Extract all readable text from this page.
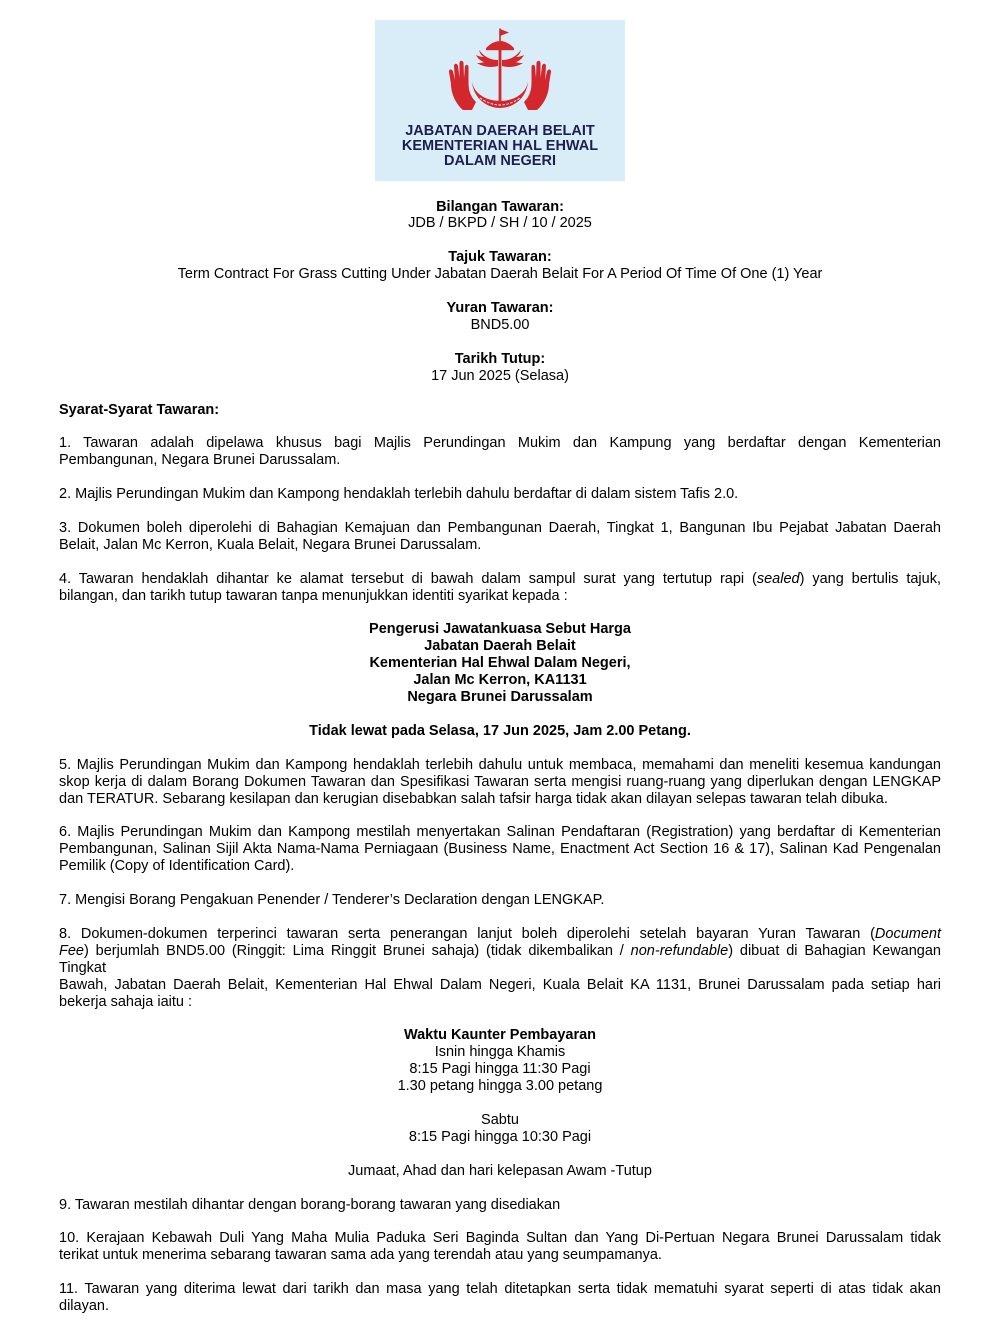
JABATAN DAERAH BELAIT
KEMENTERIAN HAL EHWAL
DALAM NEGERI
Bilangan Tawaran:
JDB / BKPD / SH / 10 / 2025
Tajuk Tawaran:
Term Contract For Grass Cutting Under Jabatan Daerah Belait For A Period Of Time Of One (1) Year
Yuran Tawaran:
BND5.00
Tarikh Tutup:
17 Jun 2025 (Selasa)
Syarat-Syarat Tawaran:
1. Tawaran adalah dipelawa khusus bagi Majlis Perundingan Mukim dan Kampung yang berdaftar dengan Kementerian
Pembangunan, Negara Brunei Darussalam.
2. Majlis Perundingan Mukim dan Kampong hendaklah terlebih dahulu berdaftar di dalam sistem Tafis 2.0.
3. Dokumen boleh diperolehi di Bahagian Kemajuan dan Pembangunan Daerah, Tingkat 1, Bangunan Ibu Pejabat Jabatan Daerah
Belait, Jalan Mc Kerron, Kuala Belait, Negara Brunei Darussalam.
4. Tawaran hendaklah dihantar ke alamat tersebut di bawah dalam sampul surat yang tertutup rapi (sealed) yang bertulis tajuk,
bilangan, dan tarikh tutup tawaran tanpa menunjukkan identiti syarikat kepada :
Pengerusi Jawatankuasa Sebut Harga
Jabatan Daerah Belait
Kementerian Hal Ehwal Dalam Negeri,
Jalan Mc Kerron, KA1131
Negara Brunei Darussalam
Tidak lewat pada Selasa, 17 Jun 2025, Jam 2.00 Petang.
5. Majlis Perundingan Mukim dan Kampong hendaklah terlebih dahulu untuk membaca, memahami dan meneliti kesemua kandungan
skop kerja di dalam Borang Dokumen Tawaran dan Spesifikasi Tawaran serta mengisi ruang-ruang yang diperlukan dengan LENGKAP
dan TERATUR. Sebarang kesilapan dan kerugian disebabkan salah tafsir harga tidak akan dilayan selepas tawaran telah dibuka.
6. Majlis Perundingan Mukim dan Kampong mestilah menyertakan Salinan Pendaftaran (Registration) yang berdaftar di Kementerian
Pembangunan, Salinan Sijil Akta Nama-Nama Perniagaan (Business Name, Enactment Act Section 16 & 17), Salinan Kad Pengenalan
Pemilik (Copy of Identification Card).
7. Mengisi Borang Pengakuan Penender / Tenderer’s Declaration dengan LENGKAP.
8. Dokumen-dokumen terperinci tawaran serta penerangan lanjut boleh diperolehi setelah bayaran Yuran Tawaran (Document
Fee) berjumlah BND5.00 (Ringgit: Lima Ringgit Brunei sahaja) (tidak dikembalikan / non-refundable) dibuat di Bahagian Kewangan Tingkat
Bawah, Jabatan Daerah Belait, Kementerian Hal Ehwal Dalam Negeri, Kuala Belait KA 1131, Brunei Darussalam pada setiap hari
bekerja sahaja iaitu :
Waktu Kaunter Pembayaran
Isnin hingga Khamis
8:15 Pagi hingga 11:30 Pagi
1.30 petang hingga 3.00 petang
Sabtu
8:15 Pagi hingga 10:30 Pagi
Jumaat, Ahad dan hari kelepasan Awam -Tutup
9. Tawaran mestilah dihantar dengan borang-borang tawaran yang disediakan
10. Kerajaan Kebawah Duli Yang Maha Mulia Paduka Seri Baginda Sultan dan Yang Di-Pertuan Negara Brunei Darussalam tidak
terikat untuk menerima sebarang tawaran sama ada yang terendah atau yang seumpamanya.
11. Tawaran yang diterima lewat dari tarikh dan masa yang telah ditetapkan serta tidak mematuhi syarat seperti di atas tidak akan
dilayan.
